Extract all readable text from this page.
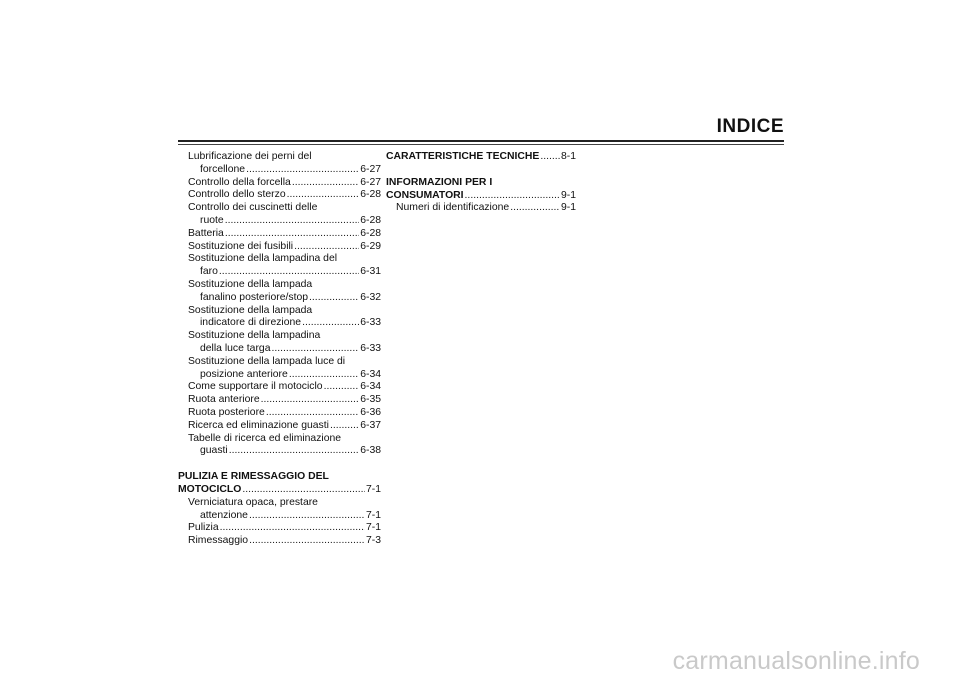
INDICE
Lubrificazione dei perni del
forcellone .....	6-27
Controllo della forcella .....	6-27
Controllo dello sterzo .....	6-28
Controllo dei cuscinetti delle
ruote .....	6-28
Batteria .....	6-28
Sostituzione dei fusibili .....	6-29
Sostituzione della lampadina del
faro .....	6-31
Sostituzione della lampada
fanalino posteriore/stop .....	6-32
Sostituzione della lampada
indicatore di direzione .....	6-33
Sostituzione della lampadina
della luce targa .....	6-33
Sostituzione della lampada luce di
posizione anteriore .....	6-34
Come supportare il motociclo .....	6-34
Ruota anteriore .....	6-35
Ruota posteriore .....	6-36
Ricerca ed eliminazione guasti .....	6-37
Tabelle di ricerca ed eliminazione
guasti .....	6-38
PULIZIA E RIMESSAGGIO DEL
MOTOCICLO .....	7-1
Verniciatura opaca, prestare
attenzione .....	7-1
Pulizia .....	7-1
Rimessaggio .....	7-3
CARATTERISTICHE TECNICHE ..... 8-1
INFORMAZIONI PER I
CONSUMATORI .....	9-1
Numeri di identificazione .....	9-1
carmanualsonline.info
